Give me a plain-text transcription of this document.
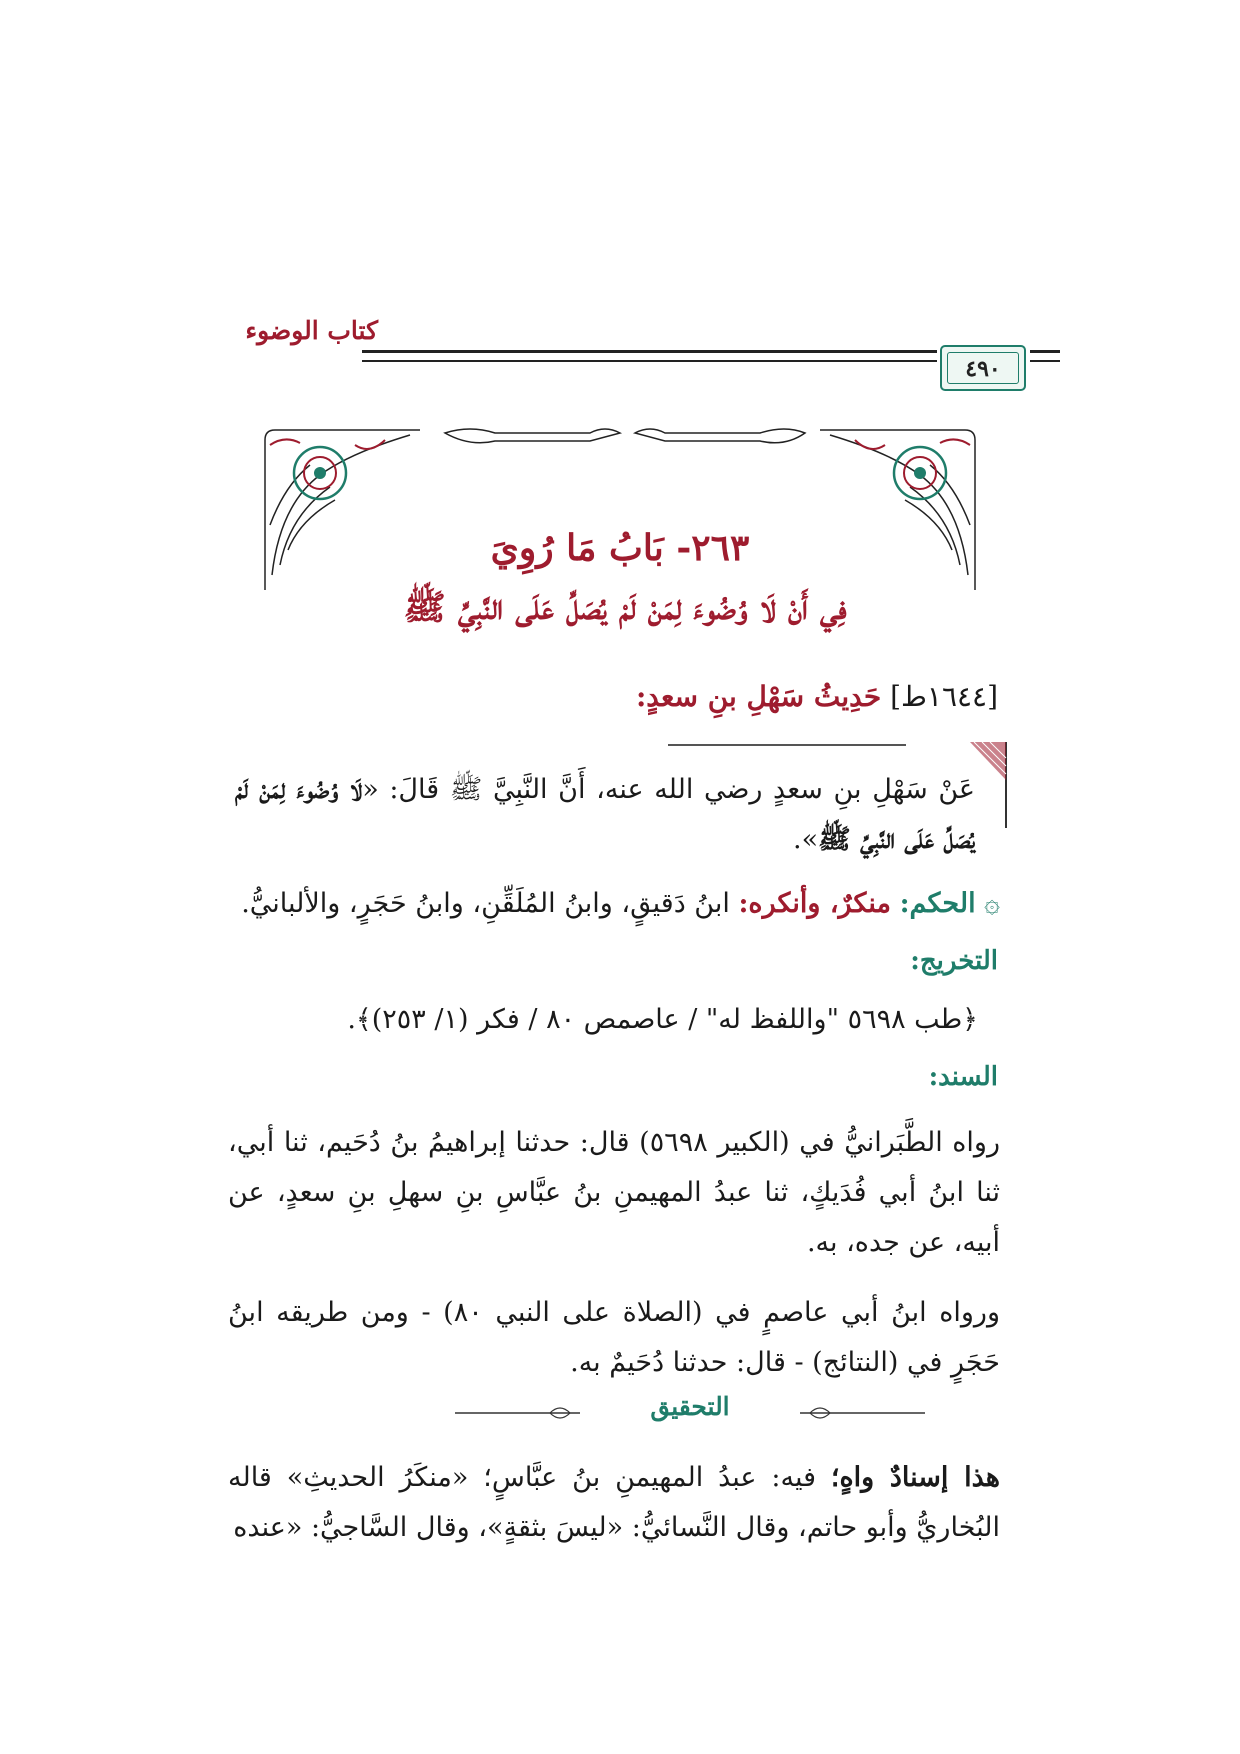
كتاب الوضوء
٤٩٠
٢٦٣- بَابُ مَا رُوِيَ
فِي أَنْ لَا وُضُوءَ لِمَنْ لَمْ يُصَلِّ عَلَى النَّبِيِّ ﷺ
[١٦٤٤ط] حَدِيثُ سَهْلِ بنِ سعدٍ:
عَنْ سَهْلِ بنِ سعدٍ رضي الله عنه، أَنَّ النَّبِيَّ ﷺ قَالَ: «لَا وُضُوءَ لِمَنْ لَمْ يُصَلِّ عَلَى النَّبِيِّ ﷺ».
۞ الحكم: منكرٌ، وأنكره: ابنُ دَقيقٍ، وابنُ المُلَقِّنِ، وابنُ حَجَرٍ، والألبانيُّ.
التخريج:
﴿طب ٥٦٩٨ "واللفظ له" / عاصمص ٨٠ / فكر (١/ ٢٥٣)﴾.
السند:
رواه الطَّبَرانيُّ في (الكبير ٥٦٩٨) قال: حدثنا إبراهيمُ بنُ دُحَيم، ثنا أبي، ثنا ابنُ أبي فُدَيكٍ، ثنا عبدُ المهيمنِ بنُ عبَّاسِ بنِ سهلِ بنِ سعدٍ، عن أبيه، عن جده، به.
ورواه ابنُ أبي عاصمٍ في (الصلاة على النبي ٨٠) - ومن طريقه ابنُ حَجَرٍ في (النتائج) - قال: حدثنا دُحَيمٌ به.
التحقيق
هذا إسنادٌ واهٍ؛ فيه: عبدُ المهيمنِ بنُ عبَّاسٍ؛ «منكَرُ الحديثِ» قاله البُخاريُّ وأبو حاتم، وقال النَّسائيُّ: «ليسَ بثقةٍ»، وقال السَّاجيُّ: «عنده
